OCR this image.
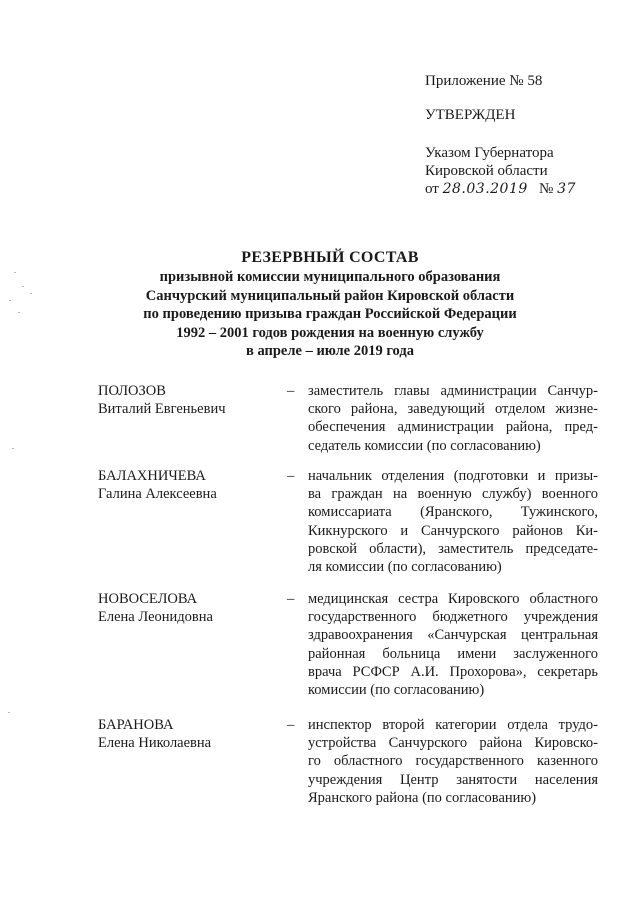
Приложение № 58
УТВЕРЖДЕН
Указом Губернатора
Кировской области
от 28.03.2019 № 37
РЕЗЕРВНЫЙ СОСТАВ
призывной комиссии муниципального образования
Санчурский муниципальный район Кировской области
по проведению призыва граждан Российской Федерации
1992 – 2001 годов рождения на военную службу
в апреле – июле 2019 года
ПОЛОЗОВ
Виталий Евгеньевич
– заместитель главы администрации Санчур-
ского района, заведующий отделом жизне-
обеспечения администрации района, пред-
седатель комиссии (по согласованию)
БАЛАХНИЧЕВА
Галина Алексеевна
– начальник отделения (подготовки и призы-
ва граждан на военную службу) военного
комиссариата (Яранского, Тужинского,
Кикнурского и Санчурского районов Ки-
ровской области), заместитель председате-
ля комиссии (по согласованию)
НОВОСЕЛОВА
Елена Леонидовна
– медицинская сестра Кировского областного
государственного бюджетного учреждения
здравоохранения «Санчурская центральная
районная больница имени заслуженного
врача РСФСР А.И. Прохорова», секретарь
комиссии (по согласованию)
БАРАНОВА
Елена Николаевна
– инспектор второй категории отдела трудо-
устройства Санчурского района Кировско-
го областного государственного казенного
учреждения Центр занятости населения
Яранского района (по согласованию)
